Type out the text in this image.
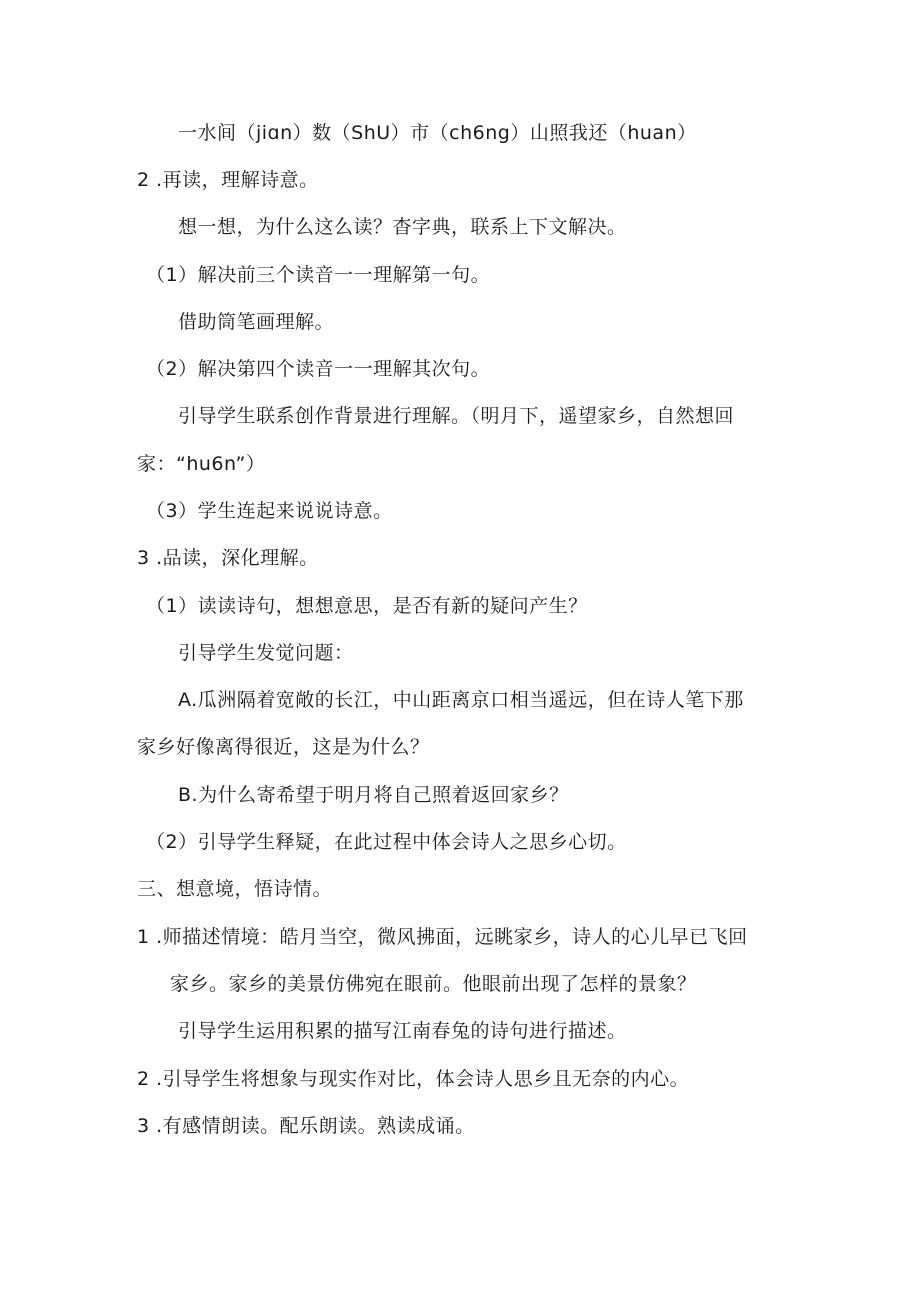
一水间（jiɑn）数（ShU）市（ch6ng）山照我还（huan）
2 .再读，理解诗意。
想一想，为什么这么读？杳字典，联系上下文解决。
（1）解决前三个读音一一理解第一句。
借助筒笔画理解。
（2）解决第四个读音一一理解其次句。
引导学生联系创作背景进行理解。（明月下，遥望家乡，自然想回
家：“hu6n”）
（3）学生连起来说说诗意。
3 .品读，深化理解。
（1）读读诗句，想想意思，是否有新的疑问产生？
引导学生发觉问题：
A.瓜洲隔着宽敞的长江，中山距离京口相当遥远，但在诗人笔下那
家乡好像离得很近，这是为什么？
B.为什么寄希望于明月将自己照着返回家乡？
（2）引导学生释疑，在此过程中体会诗人之思乡心切。
三、想意境，悟诗情。
1 .师描述情境：皓月当空，微风拂面，远眺家乡，诗人的心儿早已飞回
家乡。家乡的美景仿佛宛在眼前。他眼前出现了怎样的景象？
引导学生运用积累的描写江南春兔的诗句进行描述。
2 .引导学生将想象与现实作对比，体会诗人思乡且无奈的内心。
3 .有感情朗读。配乐朗读。熟读成诵。
